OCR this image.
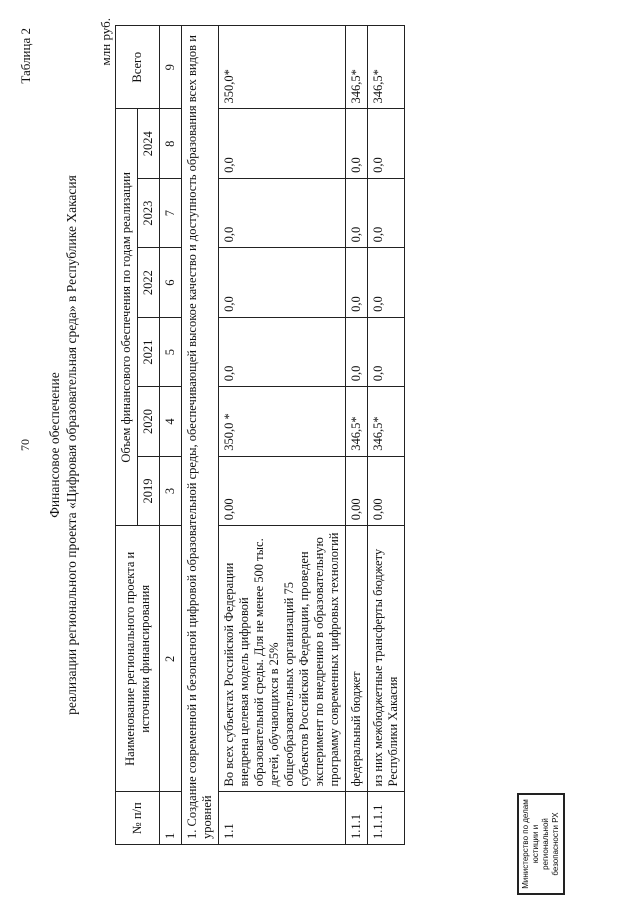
70
Таблица 2
Финансовое обеспечение реализации регионального проекта «Цифровая образовательная среда» в Республике Хакасия
млн руб.
№ п/п	Наименование регионального проекта и источники финансирования	Объем финансового обеспечения по годам реализации						Всего
		2019	2020	2021	2022	2023	2024	
1	2	3	4	5	6	7	8	9
1. Создание современной и безопасной цифровой образовательной среды, обеспечивающей высокое качество и доступность образования всех видов и уровней								
1.1	Во всех субъектах Российской Федерации внедрена целевая модель цифровой образовательной среды. Для не менее 500 тыс. детей, обучающихся в 25% общеобразовательных организаций 75 субъектов Российской Федерации, проведен эксперимент по внедрению в образовательную программу современных цифровых технологий	0,00	350,0 *	0,0	0,0	0,0	0,0	350,0*
1.1.1	федеральный бюджет	0,00	346,5*	0,0	0,0	0,0	0,0	346,5*
1.1.1.1	из них межбюджетные трансферты бюджету Республики Хакасия	0,00	346,5*	0,0	0,0	0,0	0,0	346,5*
Министерство по делам юстиции и региональной безопасности РХ
